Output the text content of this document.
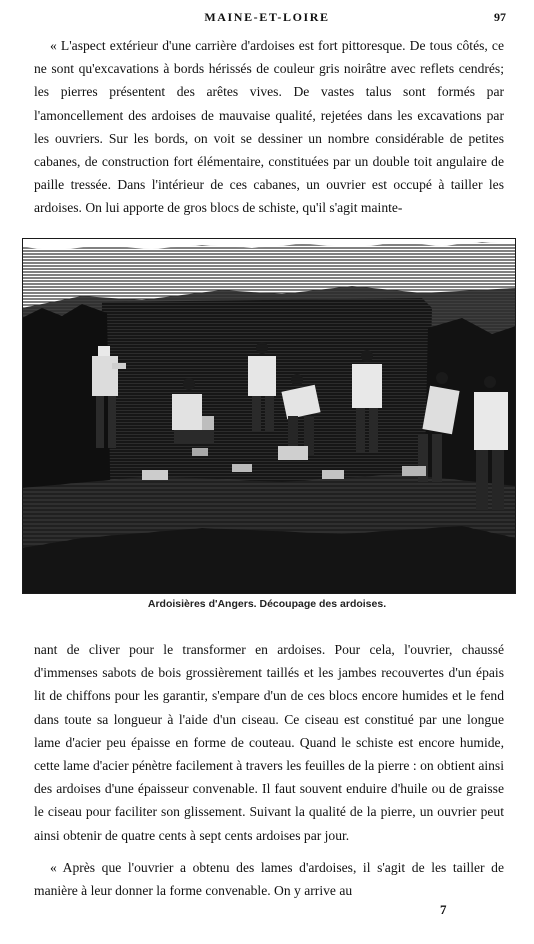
MAINE-ET-LOIRE	97

« L'aspect extérieur d'une carrière d'ardoises est fort pittoresque. De tous côtés, ce ne sont qu'excavations à bords hérissés de couleur gris noirâtre avec reflets cendrés; les pierres présentent des arêtes vives. De vastes talus sont formés par l'amoncellement des ardoises de mauvaise qualité, rejetées dans les excavations par les ouvriers. Sur les bords, on voit se dessiner un nombre considérable de petites cabanes, de construction fort élémentaire, constituées par un double toit angulaire de paille tressée. Dans l'intérieur de ces cabanes, un ouvrier est occupé à tailler les ardoises. On lui apporte de gros blocs de schiste, qu'il s'agit mainte-

Ardoisières d'Angers. Découpage des ardoises.

nant de cliver pour le transformer en ardoises. Pour cela, l'ouvrier, chaussé d'immenses sabots de bois grossièrement taillés et les jambes recouvertes d'un épais lit de chiffons pour les garantir, s'empare d'un de ces blocs encore humides et le fend dans toute sa longueur à l'aide d'un ciseau. Ce ciseau est constitué par une longue lame d'acier peu épaisse en forme de couteau. Quand le schiste est encore humide, cette lame d'acier pénètre facilement à travers les feuilles de la pierre : on obtient ainsi des ardoises d'une épaisseur convenable. Il faut souvent enduire d'huile ou de graisse le ciseau pour faciliter son glissement. Suivant la qualité de la pierre, un ouvrier peut ainsi obtenir de quatre cents à sept cents ardoises par jour.

« Après que l'ouvrier a obtenu des lames d'ardoises, il s'agit de les tailler de manière à leur donner la forme convenable. On y arrive au

7
